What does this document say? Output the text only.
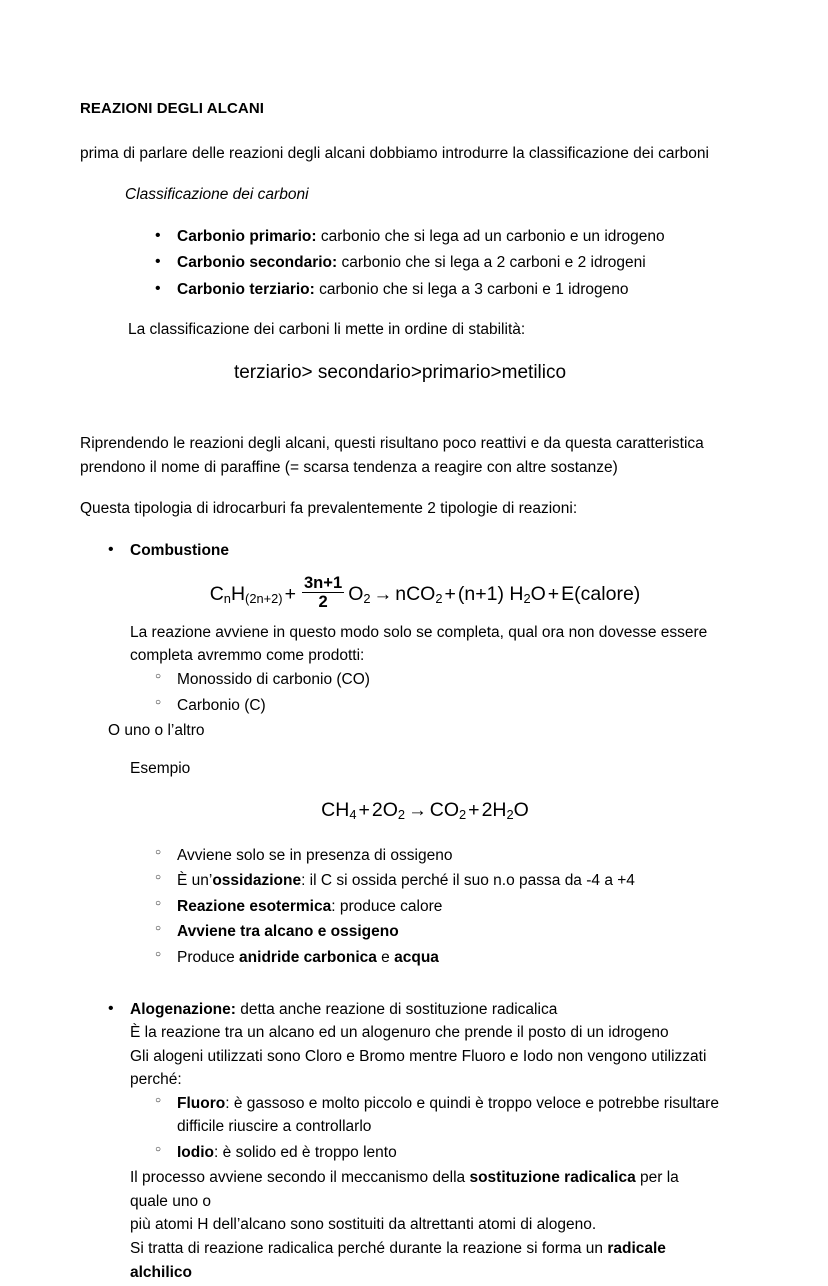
REAZIONI DEGLI ALCANI

prima di parlare delle reazioni degli alcani dobbiamo introdurre la classificazione dei carboni

Classificazione dei carboni
• Carbonio primario: carbonio che si lega ad un carbonio e un idrogeno
• Carbonio secondario: carbonio che si lega a 2 carboni e 2 idrogeni
• Carbonio terziario: carbonio che si lega a 3 carboni e 1 idrogeno

La classificazione dei carboni li mette in ordine di stabilità:

terziario> secondario>primario>metilico

Riprendendo le reazioni degli alcani, questi risultano poco reattivi e da questa caratteristica

prendono il nome di paraffine (= scarsa tendenza a reagire con altre sostanze)

Questa tipologia di idrocarburi fa prevalentemente 2 tipologie di reazioni:

• Combustione

$C_nH_{(2n+2)} + \frac{3n+1}{2} O_2 \to nCO_2 + (n+1) H_2O$ + E(calore)

La reazione avviene in questo modo solo se completa, qual ora non dovesse essere

completa avremmo come prodotti:

○ Monossido di carbonio (CO)
○ Carbonio (C)

O uno o l’altro

Esempio

$CH_4 + 2O_2 \to CO_2 + 2H_2O$
○ Avviene solo se in presenza di ossigeno
○ È un’ossidazione: il C si ossida perché il suo n.o passa da -4 a +4
○ Reazione esotermica: produce calore
○ Avviene tra alcano e ossigeno
○ Produce anidride carbonica e acqua

• Alogenazione: detta anche reazione di sostituzione radicalica

È la reazione tra un alcano ed un alogenuro che prende il posto di un idrogeno

Gli alogeni utilizzati sono Cloro e Bromo mentre Fluoro e Iodo non vengono utilizzati

perché:

○ Fluoro: è gassoso e molto piccolo e quindi è troppo veloce e potrebbe risultare
difficile riuscire a controllarlo
○ Iodio: è solido ed è troppo lento

Il processo avviene secondo il meccanismo della sostituzione radicalica per la quale uno o

più atomi H dell’alcano sono sostituiti da altrettanti atomi di alogeno.

Si tratta di reazione radicalica perché durante la reazione si forma un radicale alchilico
